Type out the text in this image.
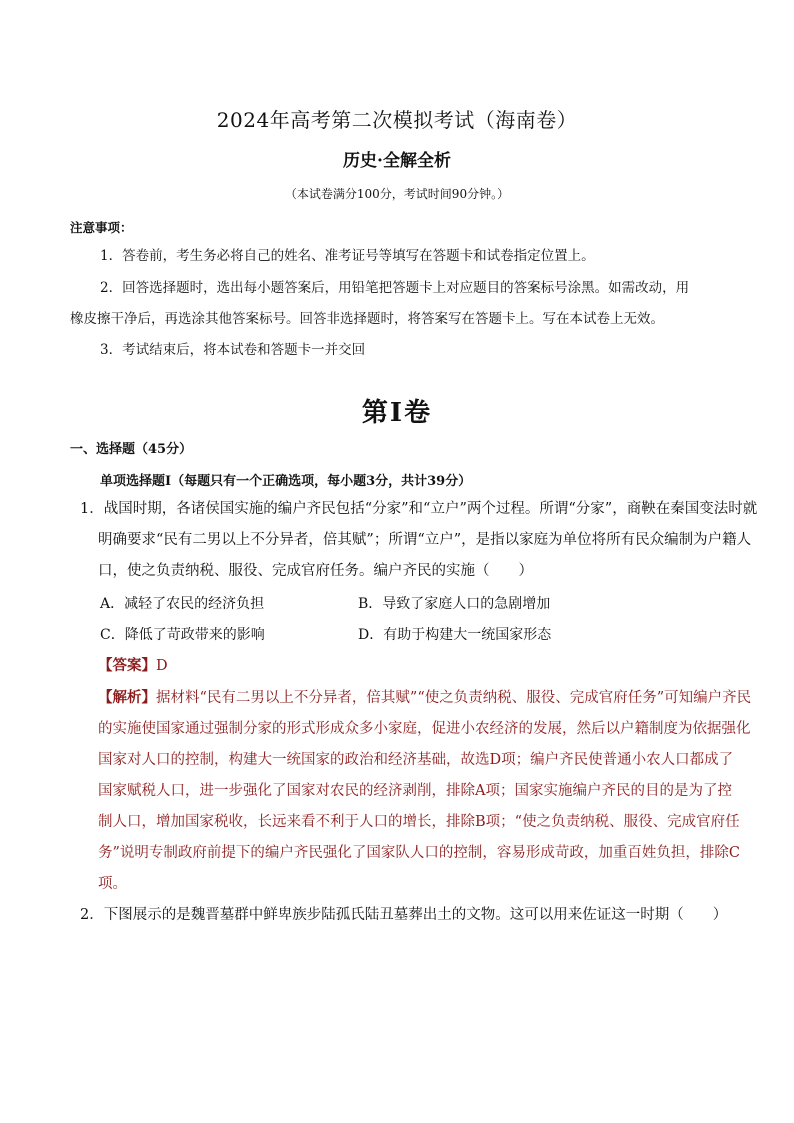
2024年高考第二次模拟考试（海南卷）
历史·全解全析
（本试卷满分100分，考试时间90分钟。）
注意事项：
1．答卷前，考生务必将自己的姓名、准考证号等填写在答题卡和试卷指定位置上。
2．回答选择题时，选出每小题答案后，用铅笔把答题卡上对应题目的答案标号涂黑。如需改动，用
橡皮擦干净后，再选涂其他答案标号。回答非选择题时，将答案写在答题卡上。写在本试卷上无效。
3．考试结束后，将本试卷和答题卡一并交回
第I卷
一、选择题（45分）
单项选择题I（每题只有一个正确选项，每小题3分，共计39分）
1．战国时期，各诸侯国实施的编户齐民包括“分家”和“立户”两个过程。所谓“分家”，商鞅在秦国变法时就
明确要求“民有二男以上不分异者，倍其赋”；所谓“立户”，是指以家庭为单位将所有民众编制为户籍人
口，使之负责纳税、服役、完成官府任务。编户齐民的实施（　　）
A．减轻了农民的经济负担	B．导致了家庭人口的急剧增加
C．降低了苛政带来的影响	D．有助于构建大一统国家形态
【答案】D
【解析】据材料“民有二男以上不分异者，倍其赋”“使之负责纳税、服役、完成官府任务”可知编户齐民
的实施使国家通过强制分家的形式形成众多小家庭，促进小农经济的发展，然后以户籍制度为依据强化
国家对人口的控制，构建大一统国家的政治和经济基础，故选D项；编户齐民使普通小农人口都成了
国家赋税人口，进一步强化了国家对农民的经济剥削，排除A项；国家实施编户齐民的目的是为了控
制人口，增加国家税收，长远来看不利于人口的增长，排除B项；“使之负责纳税、服役、完成官府任
务”说明专制政府前提下的编户齐民强化了国家队人口的控制，容易形成苛政，加重百姓负担，排除C
项。
2．下图展示的是魏晋墓群中鲜卑族步陆孤氏陆丑墓葬出土的文物。这可以用来佐证这一时期（　　）
